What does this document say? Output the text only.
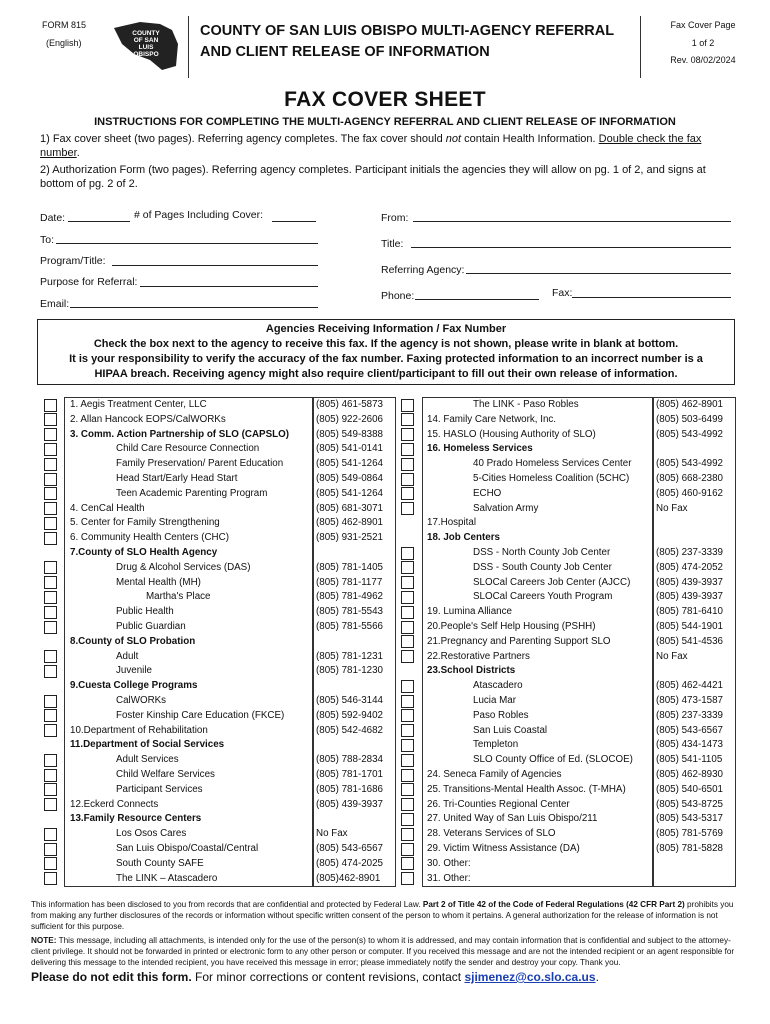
FORM 815
(English)
COUNTY
OF SAN LUIS
OBISPO
COUNTY OF SAN LUIS OBISPO MULTI-AGENCY REFERRAL
AND CLIENT RELEASE OF INFORMATION
Fax Cover Page
1 of 2
Rev. 08/02/2024
FAX COVER SHEET
INSTRUCTIONS FOR COMPLETING THE MULTI-AGENCY REFERRAL AND CLIENT RELEASE OF INFORMATION
1) Fax cover sheet (two pages). Referring agency completes. The fax cover should not contain Health Information. Double check the fax number.
2) Authorization Form (two pages). Referring agency completes. Participant initials the agencies they will allow on pg. 1 of 2, and signs at bottom of pg. 2 of 2.
Date:	# of Pages Including Cover:
To:
Program/Title:
Purpose for Referral:
Email:
From:
Title:
Referring Agency:
Phone:	Fax:
Agencies Receiving Information / Fax Number
Check the box next to the agency to receive this fax. If the agency is not shown, please write in blank at bottom.
It is your responsibility to verify the accuracy of the fax number. Faxing protected information to an incorrect number is a
HIPAA breach. Receiving agency might also require client/participant to fill out their own release of information.
1. Aegis Treatment Center, LLC	(805) 461-5873
2. Allan Hancock EOPS/CalWORKs	(805) 922-2606
3. Comm. Action Partnership of SLO (CAPSLO)	(805) 549-8388
Child Care Resource Connection	(805) 541-0141
Family Preservation/ Parent Education	(805) 541-1264
Head Start/Early Head Start	(805) 549-0864
Teen Academic Parenting Program	(805) 541-1264
4. CenCal Health	(805) 681-3071
5. Center for Family Strengthening	(805) 462-8901
6. Community Health Centers (CHC)	(805) 931-2521
7.County of SLO Health Agency
Drug & Alcohol Services (DAS)	(805) 781-1405
Mental Health (MH)	(805) 781-1177
Martha's Place	(805) 781-4962
Public Health	(805) 781-5543
Public Guardian	(805) 781-5566
8.County of SLO Probation
Adult	(805) 781-1231
Juvenile	(805) 781-1230
9.Cuesta College Programs
CalWORKs	(805) 546-3144
Foster Kinship Care Education (FKCE)	(805) 592-9402
10.Department of Rehabilitation	(805) 542-4682
11.Department of Social Services
Adult Services	(805) 788-2834
Child Welfare Services	(805) 781-1701
Participant Services	(805) 781-1686
12.Eckerd Connects	(805) 439-3937
13.Family Resource Centers
Los Osos Cares	No Fax
San Luis Obispo/Coastal/Central	(805) 543-6567
South County SAFE	(805) 474-2025
The LINK – Atascadero	(805)462-8901
The LINK - Paso Robles	(805) 462-8901
14. Family Care Network, Inc.	(805) 503-6499
15. HASLO (Housing Authority of SLO)	(805) 543-4992
16. Homeless Services
40 Prado Homeless Services Center	(805) 543-4992
5-Cities Homeless Coalition (5CHC)	(805) 668-2380
ECHO	(805) 460-9162
Salvation Army	No Fax
17.Hospital
18. Job Centers
DSS - North County Job Center	(805) 237-3339
DSS - South County Job Center	(805) 474-2052
SLOCal Careers Job Center (AJCC)	(805) 439-3937
SLOCal Careers Youth Program	(805) 439-3937
19. Lumina Alliance	(805) 781-6410
20.People's Self Help Housing (PSHH)	(805) 544-1901
21.Pregnancy and Parenting Support SLO	(805) 541-4536
22.Restorative Partners	No Fax
23.School Districts
Atascadero	(805) 462-4421
Lucia Mar	(805) 473-1587
Paso Robles	(805) 237-3339
San Luis Coastal	(805) 543-6567
Templeton	(805) 434-1473
SLO County Office of Ed. (SLOCOE) (805) 541-1105
24. Seneca Family of Agencies	(805) 462-8930
25. Transitions-Mental Health Assoc. (T-MHA)	(805) 540-6501
26. Tri-Counties Regional Center	(805) 543-8725
27. United Way of San Luis Obispo/211	(805) 543-5317
28. Veterans Services of SLO	(805) 781-5769
29. Victim Witness Assistance (DA)	(805) 781-5828
30. Other:
31. Other:
This information has been disclosed to you from records that are confidential and protected by Federal Law. Part 2 of Title 42 of the Code of Federal Regulations (42 CFR Part 2) prohibits you from making any further disclosures of the records or information without specific written consent of the person to whom it pertains. A general authorization for the release of information is not sufficient for this purpose.
NOTE: This message, including all attachments, is intended only for the use of the person(s) to whom it is addressed, and may contain information that is confidential and subject to the attorney-client privilege. It should not be forwarded in printed or electronic form to any other person or computer. If you received this message and are not the intended recipient or an agent responsible for delivering this message to the intended recipient, you have received this message in error; please immediately notify the sender and destroy your copy. Thank you.
Please do not edit this form. For minor corrections or content revisions, contact sjimenez@co.slo.ca.us.
